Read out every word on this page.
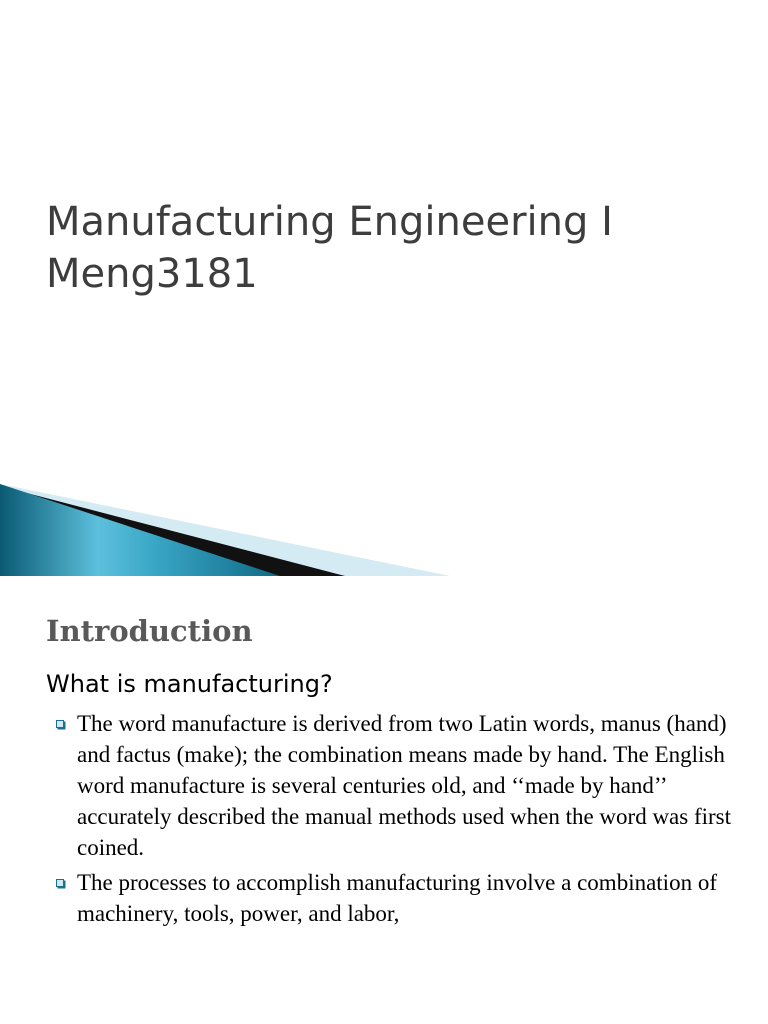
Manufacturing Engineering I
Meng3181
Introduction
What is manufacturing?
The word manufacture is derived from two Latin words, manus (hand) and factus (make); the combination means made by hand. The English word manufacture is several centuries old, and ‘‘made by hand’’ accurately described the manual methods used when the word was first coined.
The processes to accomplish manufacturing involve a combination of machinery, tools, power, and labor,
